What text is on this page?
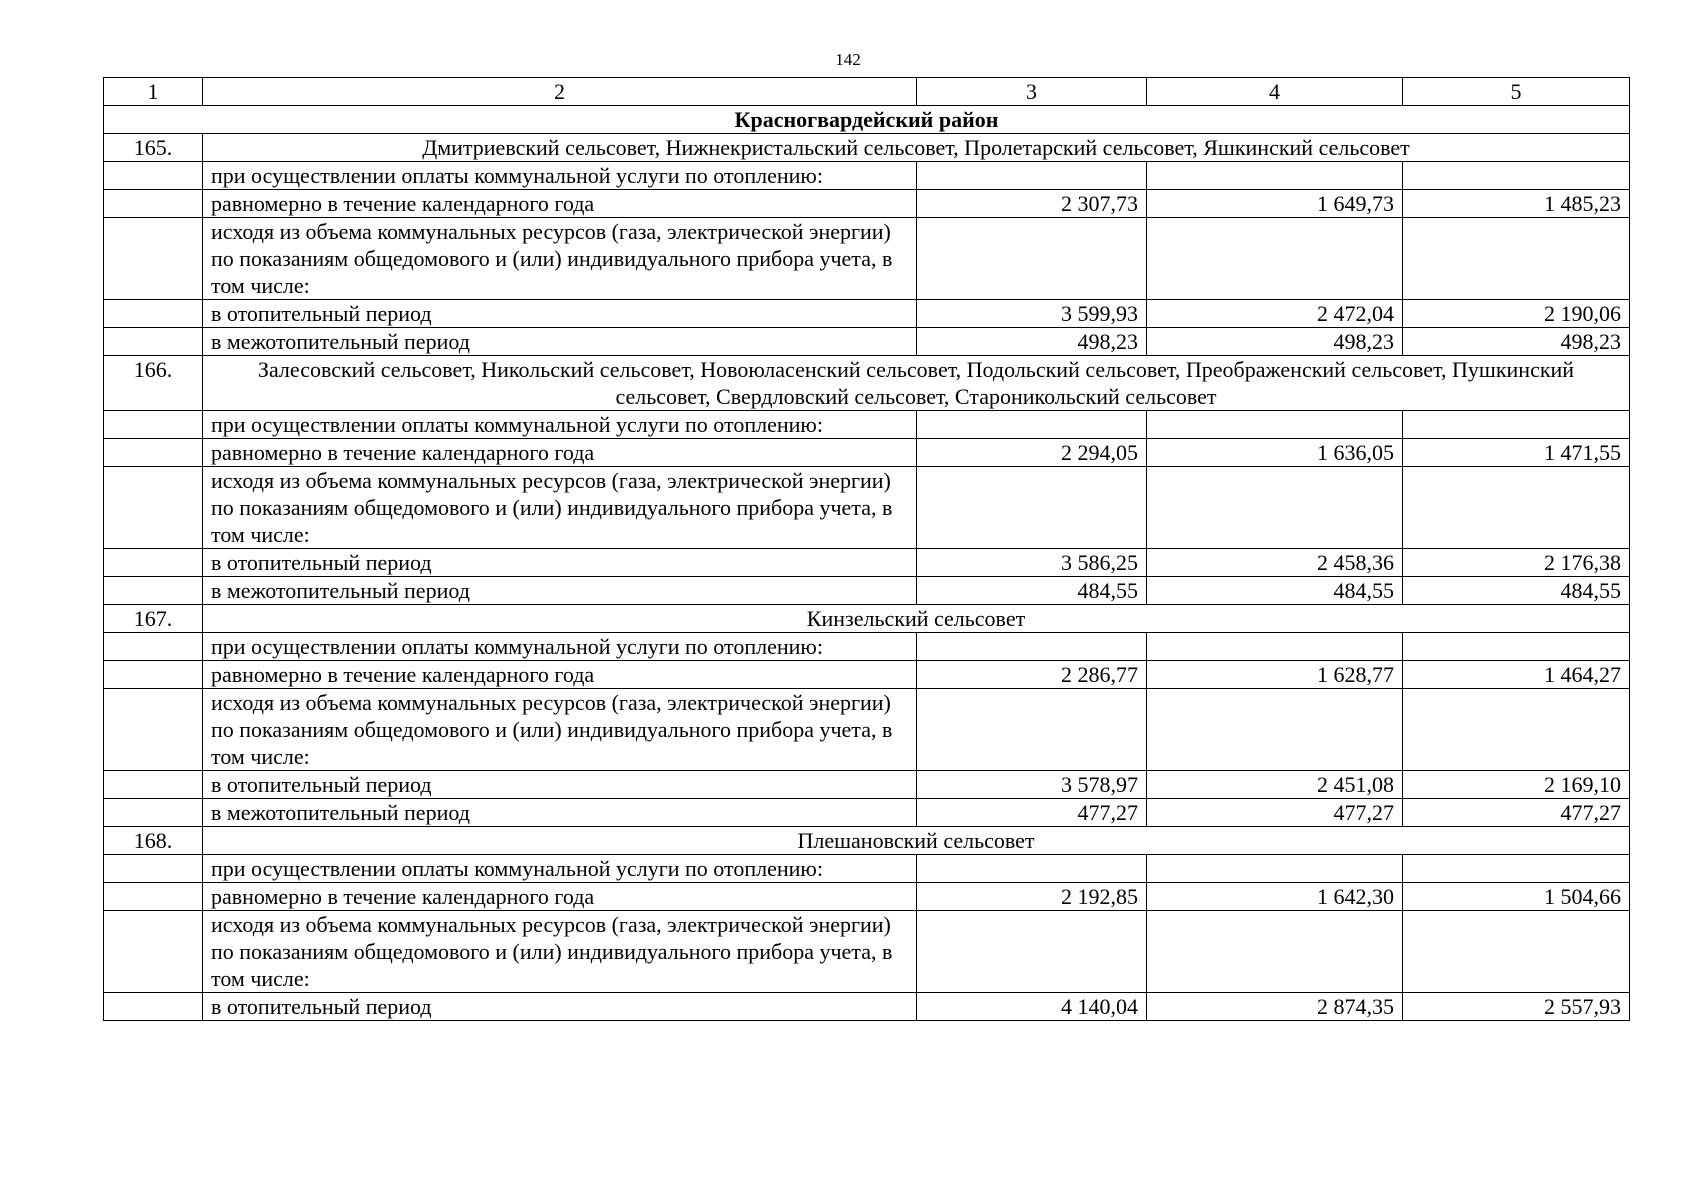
142
1	2	3	4	5
Красногвардейский район				
165.	Дмитриевский сельсовет, Нижнекристальский сельсовет, Пролетарский сельсовет, Яшкинский сельсовет			
	при осуществлении оплаты коммунальной услуги по отоплению:			
	равномерно в течение календарного года	2 307,73	1 649,73	1 485,23
	исходя из объема коммунальных ресурсов (газа, электрической энергии) по показаниям общедомового и (или) индивидуального прибора учета, в том числе:			
	в отопительный период	3 599,93	2 472,04	2 190,06
	в межотопительный период	498,23	498,23	498,23
166.	Залесовский сельсовет, Никольский сельсовет, Новоюласенский сельсовет, Подольский сельсовет, Преображенский сельсовет, Пушкинский сельсовет, Свердловский сельсовет, Староникольский сельсовет			
	при осуществлении оплаты коммунальной услуги по отоплению:			
	равномерно в течение календарного года	2 294,05	1 636,05	1 471,55
	исходя из объема коммунальных ресурсов (газа, электрической энергии) по показаниям общедомового и (или) индивидуального прибора учета, в том числе:			
	в отопительный период	3 586,25	2 458,36	2 176,38
	в межотопительный период	484,55	484,55	484,55
167.	Кинзельский сельсовет			
	при осуществлении оплаты коммунальной услуги по отоплению:			
	равномерно в течение календарного года	2 286,77	1 628,77	1 464,27
	исходя из объема коммунальных ресурсов (газа, электрической энергии) по показаниям общедомового и (или) индивидуального прибора учета, в том числе:			
	в отопительный период	3 578,97	2 451,08	2 169,10
	в межотопительный период	477,27	477,27	477,27
168.	Плешановский сельсовет			
	при осуществлении оплаты коммунальной услуги по отоплению:			
	равномерно в течение календарного года	2 192,85	1 642,30	1 504,66
	исходя из объема коммунальных ресурсов (газа, электрической энергии) по показаниям общедомового и (или) индивидуального прибора учета, в том числе:			
	в отопительный период	4 140,04	2 874,35	2 557,93
